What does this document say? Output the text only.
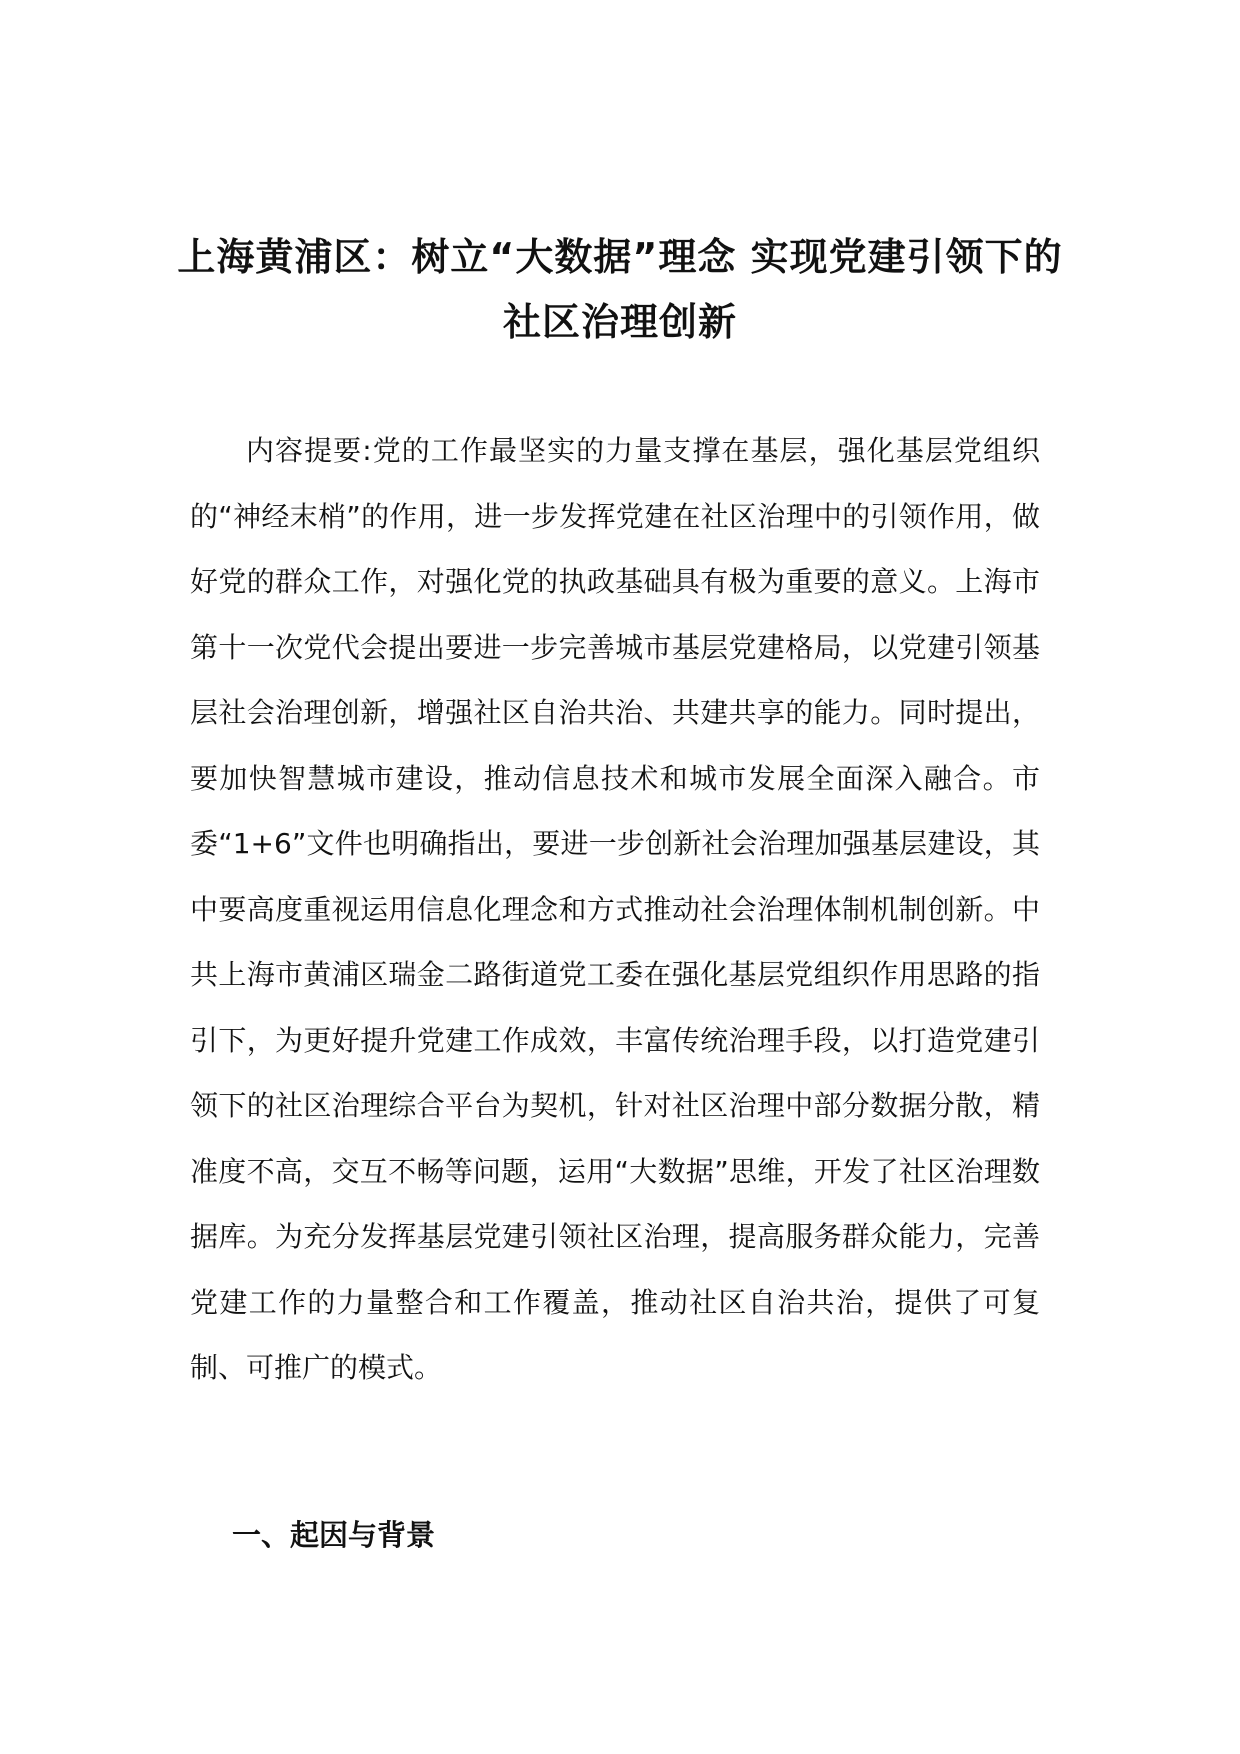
上海黄浦区：树立“大数据”理念 实现党建引领下的社区治理创新

内容提要:党的工作最坚实的力量支撑在基层，强化基层党组织的“神经末梢”的作用，进一步发挥党建在社区治理中的引领作用，做好党的群众工作，对强化党的执政基础具有极为重要的意义。上海市第十一次党代会提出要进一步完善城市基层党建格局，以党建引领基层社会治理创新，增强社区自治共治、共建共享的能力。同时提出，要加快智慧城市建设，推动信息技术和城市发展全面深入融合。市委“1+6”文件也明确指出，要进一步创新社会治理加强基层建设，其中要高度重视运用信息化理念和方式推动社会治理体制机制创新。中共上海市黄浦区瑞金二路街道党工委在强化基层党组织作用思路的指引下，为更好提升党建工作成效，丰富传统治理手段，以打造党建引领下的社区治理综合平台为契机，针对社区治理中部分数据分散，精准度不高，交互不畅等问题，运用“大数据”思维，开发了社区治理数据库。为充分发挥基层党建引领社区治理，提高服务群众能力，完善党建工作的力量整合和工作覆盖，推动社区自治共治，提供了可复制、可推广的模式。

一、起因与背景
